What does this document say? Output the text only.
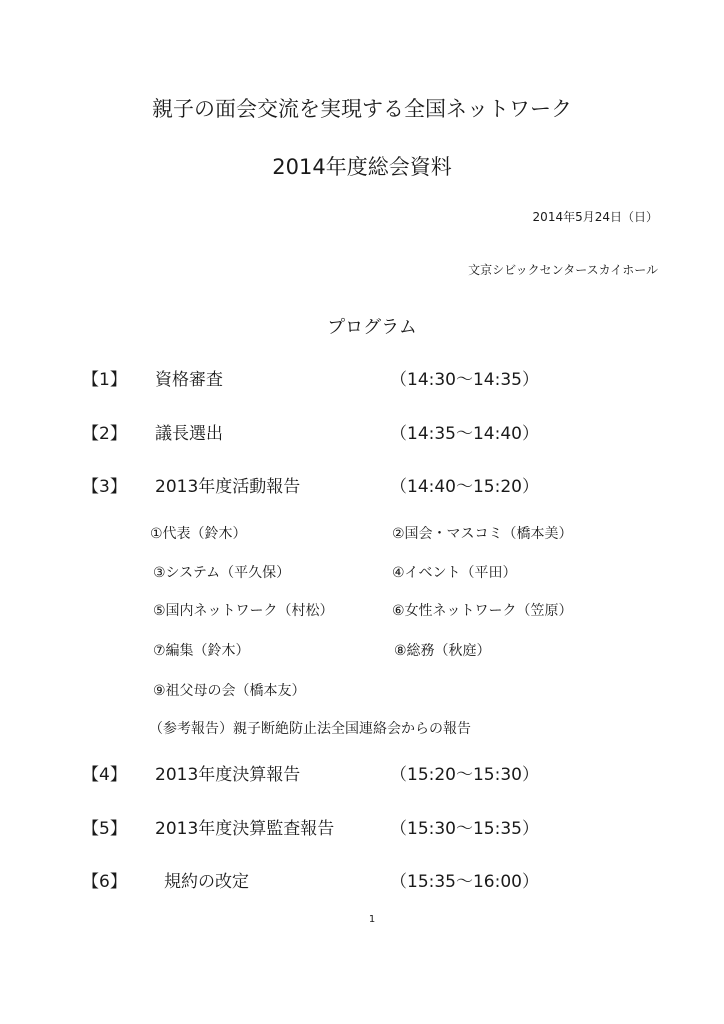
親子の面会交流を実現する全国ネットワーク
2014年度総会資料
2014年5月24日（日）
文京シビックセンタースカイホール
プログラム
【1】 資格審査	（14:30～14:35）
【2】 議長選出	（14:35～14:40）
【3】 2013年度活動報告	（14:40～15:20）
①代表（鈴木）	②国会・マスコミ（橋本美）
③システム（平久保）	④イベント（平田）
⑤国内ネットワーク（村松）	⑥女性ネットワーク（笠原）
⑦編集（鈴木）	⑧総務（秋庭）
⑨祖父母の会（橋本友）
（参考報告）親子断絶防止法全国連絡会からの報告
【4】 2013年度決算報告	（15:20～15:30）
【5】 2013年度決算監査報告	（15:30～15:35）
【6】 規約の改定	（15:35～16:00）
1
